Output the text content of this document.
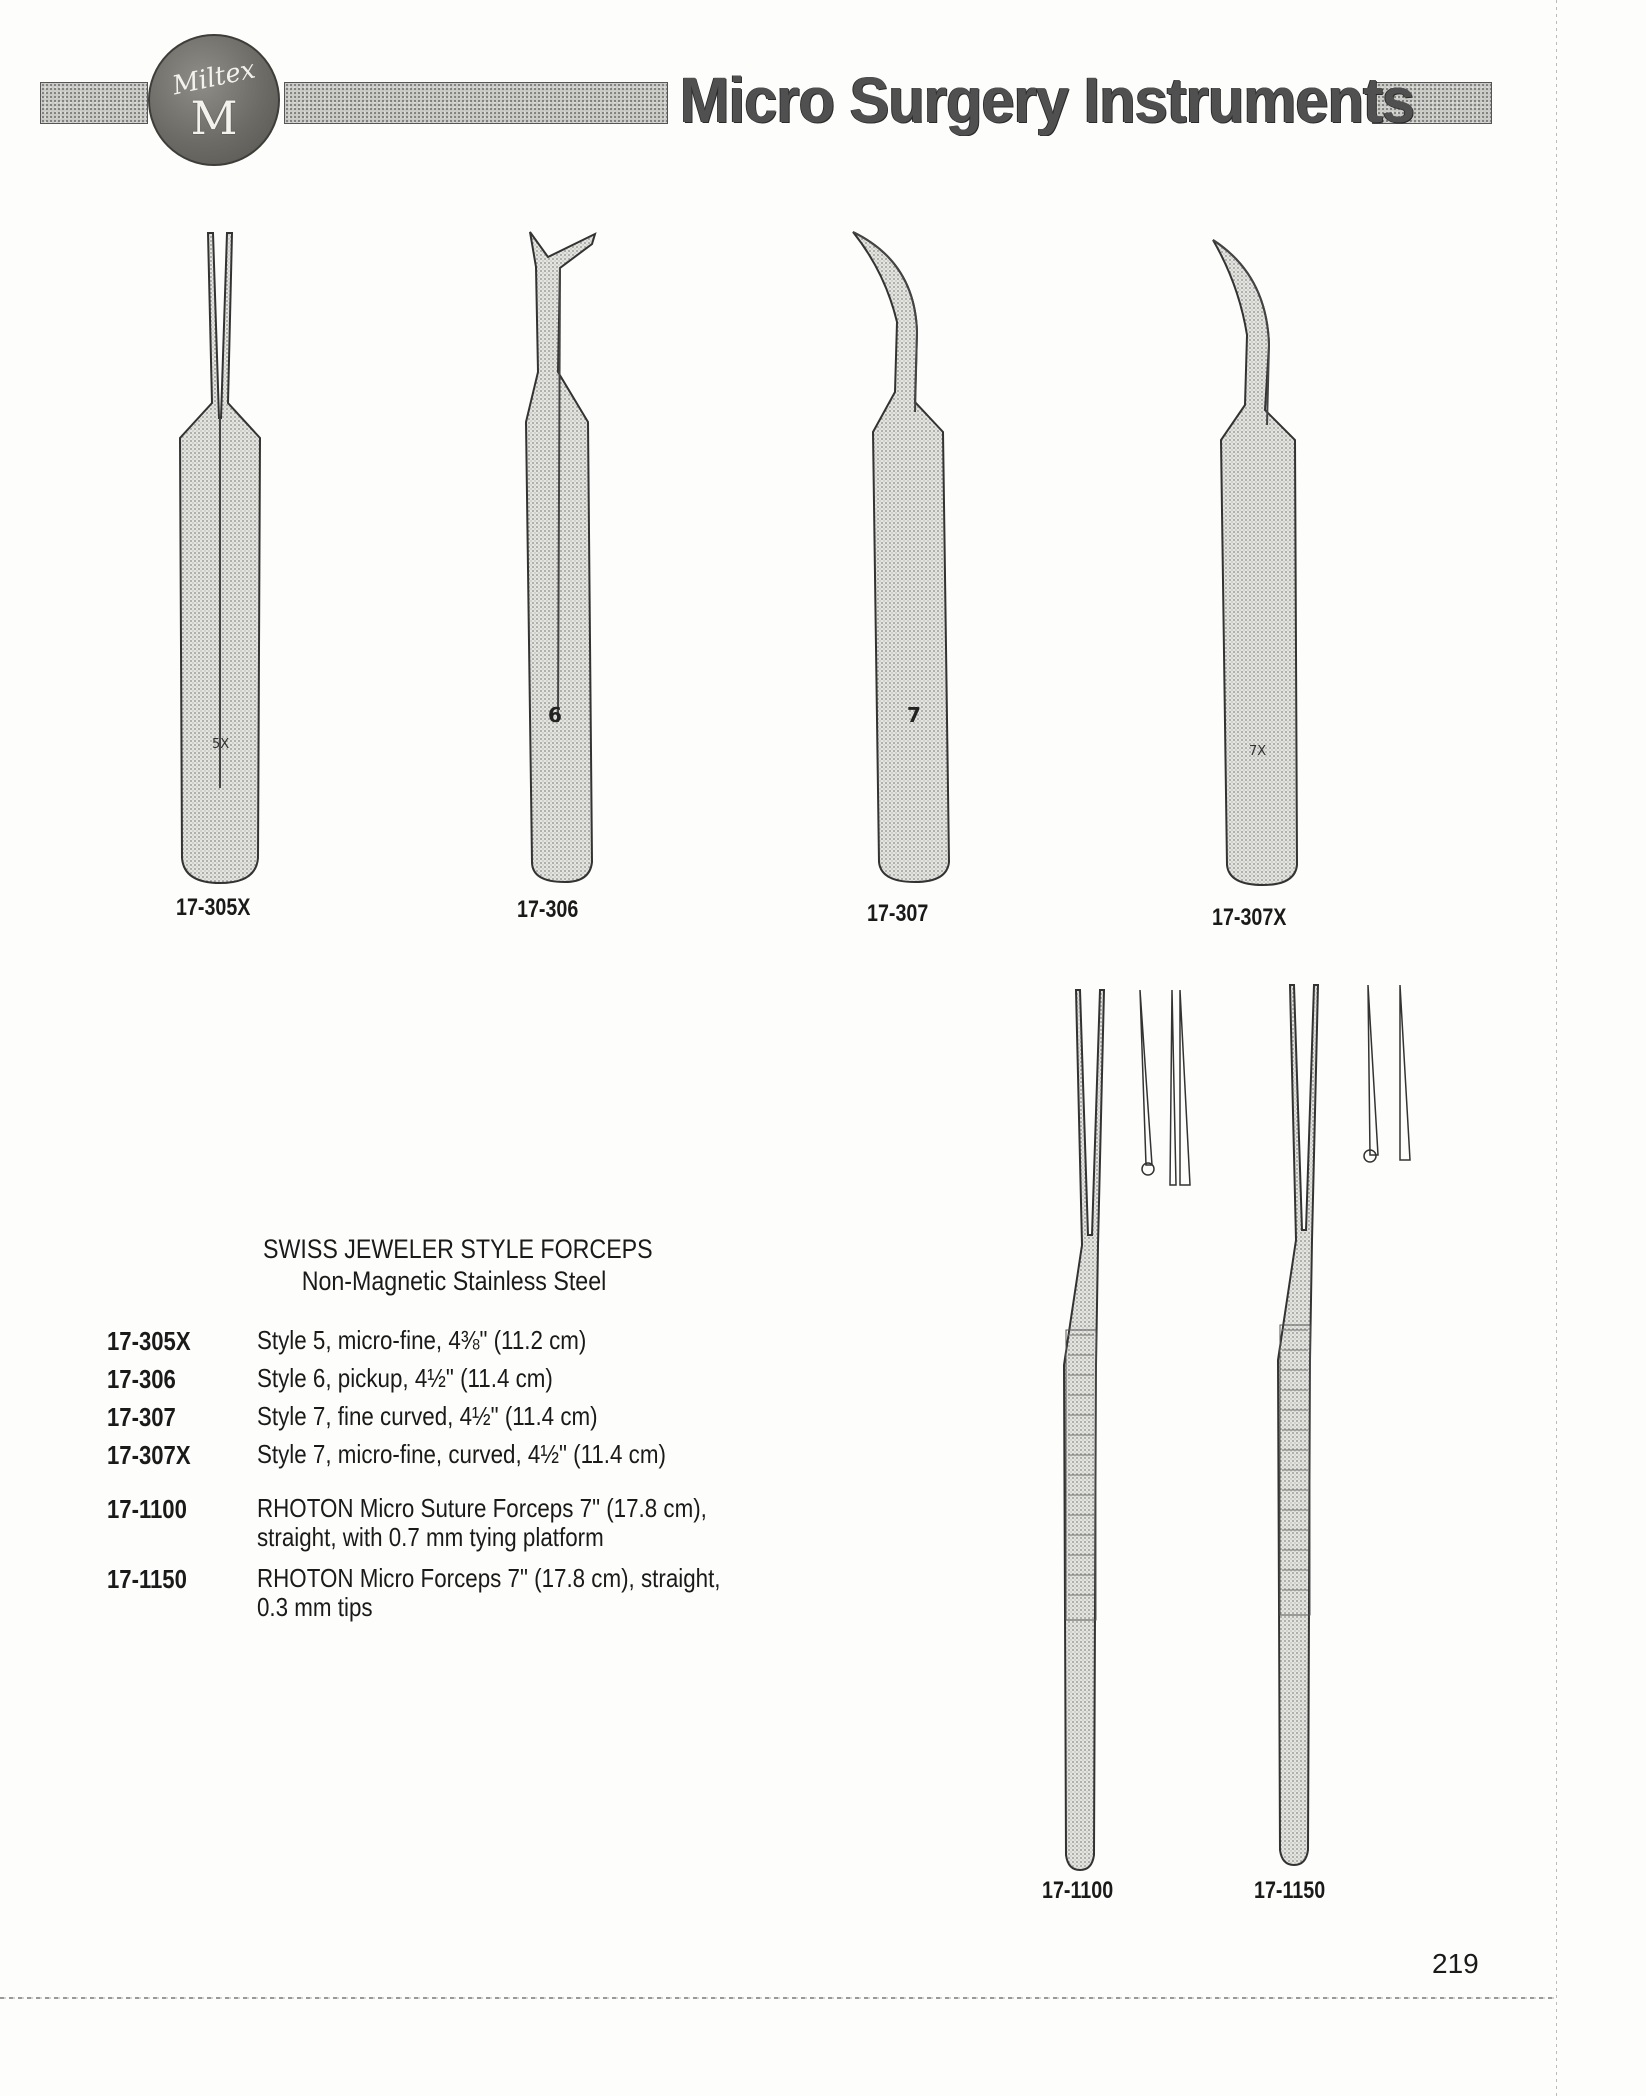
Miltex
M	Micro Surgery Instruments
5X
6	7
7X
17-305X	17-306	17-307	17-307X
17-1100	17-1150
SWISS JEWELER STYLE FORCEPS
Non-Magnetic Stainless Steel
17-305X	Style 5, micro-fine, 4⅜" (11.2 cm)
17-306	Style 6, pickup, 4½" (11.4 cm)
17-307	Style 7, fine curved, 4½" (11.4 cm)
17-307X	Style 7, micro-fine, curved, 4½" (11.4 cm)
17-1100	RHOTON Micro Suture Forceps 7" (17.8 cm), straight, with 0.7 mm tying platform
17-1150	RHOTON Micro Forceps 7" (17.8 cm), straight, 0.3 mm tips
219
